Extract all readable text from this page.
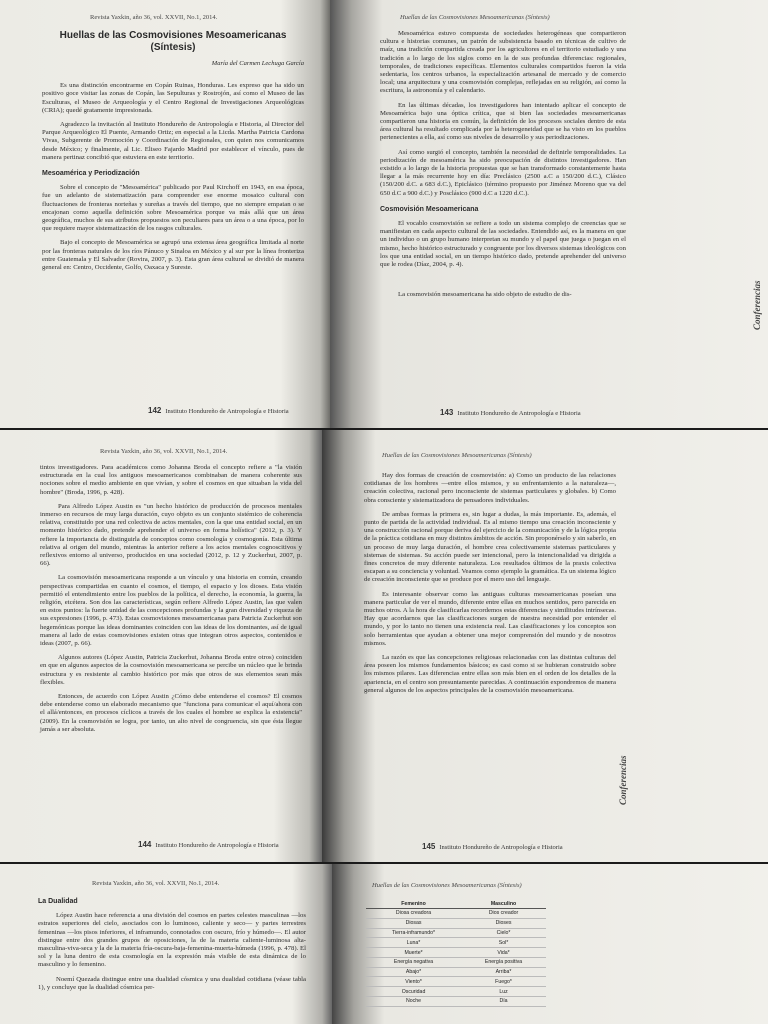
Revista Yaxkin, año 36, vol. XXVII, No.1, 2014.
Huellas de las Cosmovisiones Mesoamericanas (Síntesis)
María del Carmen Lechuga García

Es una distinción encontrarme en Copán Ruinas, Honduras. Les expreso que ha sido un positivo goce visitar las zonas de Copán, las Sepulturas y Rostrojón, así como el Museo de las Esculturas, el Museo de Arqueología y el Centro Regional de Investigaciones Arqueológicas (CRIA); quedé gratamente impresionada.

Agradezco la invitación al Instituto Hondureño de Antropología e Historia, al Director del Parque Arqueológico El Puente, Armando Ortiz; en especial a la Licda. Martha Patricia Cardona Vivas, Subgerente de Promoción y Coordinación de Regionales, con quien nos comunicamos desde México; y finalmente, al Lic. Eliseo Fajardo Madrid por establecer el vínculo, pues de manera pertinaz concibió que estuviera en este territorio.

Mesoamérica y Periodización

Sobre el concepto de "Mesoamérica" publicado por Paul Kirchoff en 1943, en esa época, fue un adelanto de sistematización para comprender ese enorme mosaico cultural con fluctuaciones de fronteras norteñas y sureñas a través del tiempo, que no siempre empatan o se encajonan como aquella definición sobre Mesoamérica porque va más allá que un área geográfica, muchos de sus atributos propuestos son peculiares para un área o a una época, por lo que requiere mayor sistematización de los rasgos culturales.

Bajo el concepto de Mesoamérica se agrupó una extensa área geográfica limitada al norte por las fronteras naturales de los ríos Pánuco y Sinaloa en México y al sur por la línea fronteriza entre Guatemala y El Salvador (Rovira, 2007, p. 3). Esta gran área cultural se dividió de manera general en: Centro, Occidente, Golfo, Oaxaca y Sureste.

142 Instituto Hondureño de Antropología e Historia
Huellas de las Cosmovisiones Mesoamericanas (Síntesis)

Mesoamérica estuvo compuesta de sociedades heterogéneas que compartieron cultura e historias comunes, un patrón de subsistencia basado en técnicas de cultivo de maíz, una tradición compartida creada por los agricultores en el territorio estudiado y una tradición a lo largo de los siglos como en la de sus profundas diferencias: regionales, temporales, de tradiciones específicas. Elementos culturales compartidos fueron la vida sedentaria, los centros urbanos, la especialización artesanal de mercado y de comercio local; una arquitectura y una cosmovisión complejas, reflejadas en su religión, así como la escritura, la astronomía y el calendario.

En las últimas décadas, los investigadores han intentado aplicar el concepto de Mesoamérica bajo una óptica crítica, que si bien las sociedades mesoamericanas compartieron una historia en común, la definición de los procesos sociales dentro de esta área cultural ha resultado complicada por la heterogeneidad que se ha visto en los pueblos pertenecientes a ella, así como sus niveles de desarrollo y sus periodizaciones.

Así como surgió el concepto, también la necesidad de definirle temporalidades. La periodización de mesoamérica ha sido preocupación de distintos investigadores. Han existido a lo largo de la historia propuestas que se han transformado constantemente hasta llegar a la más recurrente hoy en día: Preclásico (2500 a.C a 150/200 d.C.), Clásico (150/200 d.C. a 683 d.C.), Epiclásico (término propuesto por Jiménez Moreno que va del 650 d.C a 900 d.C.) y Posclásico (900 d.C a 1220 d.C.).

Cosmovisión Mesoamericana

El vocablo cosmovisión se refiere a todo un sistema complejo de creencias que se manifiestan en cada aspecto cultural de las sociedades. Entendido así, es la manera en que un individuo o un grupo humano interpretan su mundo y el papel que juega o juegan en el mismo, hecho histórico estructurado y congruente por los diversos sistemas ideológicos con los que una entidad social, en un tiempo histórico dado, pretende aprehender del universo que le rodea (Díaz, 2004, p. 4).

La cosmovisión mesoamericana ha sido objeto de estudio de dis-	Conferencias
143 Instituto Hondureño de Antropología e Historia
Revista Yaxkin, año 36, vol. XXVII, No.1, 2014.

tintos investigadores. Para académicos como Johanna Broda el concepto refiere a "la visión estructurada en la cual los antiguos mesoamericanos combinaban de manera coherente sus nociones sobre el medio ambiente en que vivían, y sobre el cosmos en que situaban la vida del hombre" (Broda, 1996, p. 428).

Para Alfredo López Austin es "un hecho histórico de producción de procesos mentales inmerso en recursos de muy larga duración, cuyo objeto es un conjunto sistémico de coherencia relativa, constituido por una red colectiva de actos mentales, con la que una entidad social, en un momento histórico dado, pretende aprehender el universo en forma holística" (2012, p. 3). Y refiere la importancia de distinguirla de conceptos como cosmología y cosmogonía. Esta última relativa al origen del mundo, mientras la anterior refiere a los actos mentales cognoscitivos y reflexivos entorno al universo, producidos en una sociedad (2012, p. 12 y Zuckerhut, 2007, p. 66).

La cosmovisión mesoamericana responde a un vínculo y una historia en común, creando perspectivas compartidas en cuanto el cosmos, el tiempo, el espacio y los dioses. Esta visión permitió el entendimiento entre los pueblos de la política, el derecho, la economía, la guerra, la religión, etcétera. Son dos las características, según refiere Alfredo López Austin, las que valen en estos puntos: la fuerte unidad de las concepciones profundas y la gran diversidad y riqueza de sus expresiones (1996, p. 473). Estas cosmovisiones mesoamericanas para Patricia Zuckerhut son hegemónicas porque las ideas dominantes coinciden con las ideas de los dominantes, así de igual manera al lado de estas cosmovisiones existen otras que integran otros aspectos, contenidos e ideas (2007, p. 66).

Algunos autores (López Austin, Patricia Zuckerhut, Johanna Broda entre otros) coinciden en que en algunos aspectos de la cosmovisión mesoamericana se percibe un núcleo que le brinda estructura y es resistente al cambio histórico por más que otros de sus elementos sean más flexibles.

Entonces, de acuerdo con López Austin ¿Cómo debe entenderse el cosmos? El cosmos debe entenderse como un elaborado mecanismo que "funciona para comunicar el aquí/ahora con el allá/entonces, en procesos cíclicos a través de los cuales el hombre se explica la existencia" (2009). En la cosmovisión se logra, por tanto, un alto nivel de congruencia, sin que ésta llegue jamás a ser absoluta.

144 Instituto Hondureño de Antropología e Historia
Huellas de las Cosmovisiones Mesoamericanas (Síntesis)

Hay dos formas de creación de cosmovisión: a) Como un producto de las relaciones cotidianas de los hombres —entre ellos mismos, y su enfrentamiento a la naturaleza—, creación colectiva, racional pero inconsciente de sistemas particulares y globales. b) Como obra consciente y sistematizadora de pensadores individuales.

De ambas formas la primera es, sin lugar a dudas, la más importante. Es, además, el punto de partida de la actividad individual. Es al mismo tiempo una creación inconsciente y una construcción racional porque deriva del ejercicio de la comunicación y de la lógica propia de la práctica cotidiana en muy distintos ámbitos de acción. Sin proponérselo y sin saberlo, en un proceso de muy larga duración, el hombre crea colectivamente sistemas particulares y sistemas de sistemas. Su acción puede ser intencional, pero la intencionalidad va dirigida a fines concretos de muy diferente naturaleza. Los resultados últimos de la praxis colectiva escapan a su conciencia y voluntad. Veamos como ejemplo la gramática. Es un sistema lógico de creación inconsciente que se produce por el mero uso del lenguaje.

Es interesante observar como las antiguas culturas mesoamericanas poseían una manera particular de ver el mundo, diferente entre ellas en muchos sentidos, pero parecida en muchos otros. A la hora de clasificarlas recordemos estas diferencias y similitudes intrínsecas. Hay que acordarnos que las clasificaciones surgen de nuestra necesidad por entender el mundo, y por lo tanto no tienen una existencia real. Las clasificaciones y los conceptos son solo herramientas que ayudan a obtener una mejor comprensión del mundo y de nosotros mismos.

La razón es que las concepciones religiosas relacionadas con las distintas culturas del área poseen los mismos fundamentos básicos; es casi como si se hubieran construido sobre los mismos pilares. Las diferencias entre ellas son más bien en el orden de los detalles de la apariencia, en el centro son presuntamente parecidas. A continuación expondremos de manera general algunos de los aspectos principales de la cosmovisión mesoamericana.

Conferencias
145 Instituto Hondureño de Antropología e Historia
Revista Yaxkin, año 36, vol. XXVII, No.1, 2014.
La Dualidad

López Austin hace referencia a una división del cosmos en partes celestes masculinas —los estratos superiores del cielo, asociados con lo luminoso, caliente y seco— y partes terrestres femeninas —los pisos inferiores, el inframundo, connotados con oscuro, frío y húmedo—. El autor distingue entre dos grandes grupos de oposiciones, la de la materia caliente-luminosa alta- masculina-viva-seca y la de la materia fría-oscura-baja-femenina-muerta-húmeda (1996, p. 478). El sol y la luna dentro de esta cosmología en la expresión más visible de esta dinámica de lo masculino y lo femenino.

Noemí Quezada distingue entre una dualidad cósmica y una dualidad cotidiana (véase tabla 1), y concluye que la dualidad cósmica per-

Huellas de las Cosmovisiones Mesoamericanas (Síntesis)
Femenino	Masculino
Diosa creadora	Dios creador
Diosas	Dioses
Tierra-inframundo*	Cielo*
Luna*	Sol*
Muerte*	Vida*
Energía negativa	Energía positiva
Abajo*	Arriba*
Viento*	Fuego*
Oscuridad	Luz
Noche	Día
